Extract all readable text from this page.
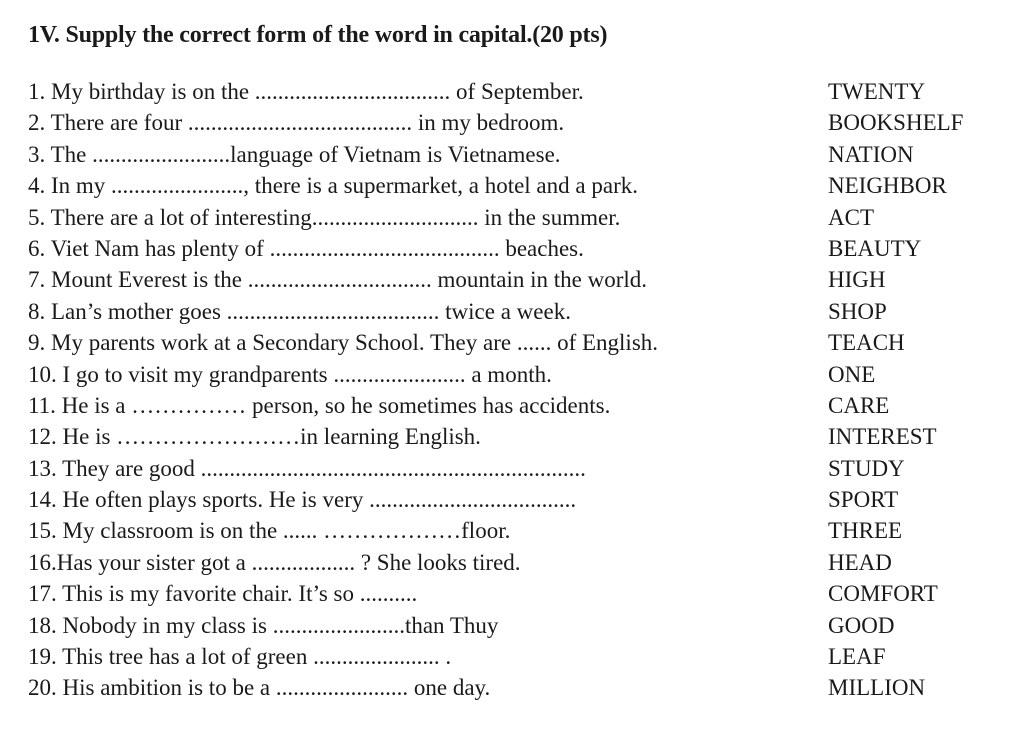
1V. Supply the correct form of the word in capital.(20 pts)
1. My birthday is on the .................................. of September.	TWENTY
2. There are four ....................................... in my bedroom.	BOOKSHELF
3. The ........................language of Vietnam is Vietnamese.	NATION
4. In my ......................., there is a supermarket, a hotel and a park.	NEIGHBOR
5. There are a lot of interesting............................. in the summer.	ACT
6. Viet Nam has plenty of ........................................ beaches.	BEAUTY
7. Mount Everest is the ................................ mountain in the world.	HIGH
8. Lan’s mother goes ..................................... twice a week.	SHOP
9. My parents work at a Secondary School. They are ...... of English.	TEACH
10. I go to visit my grandparents ....................... a month.	ONE
11. He is a …………… person, so he sometimes has accidents.	CARE
12. He is ……………………in learning English.	INTEREST
13. They are good ...................................................................	STUDY
14. He often plays sports. He is very ....................................	SPORT
15. My classroom is on the ...... ………………floor.	THREE
16.Has your sister got a .................. ? She looks tired.	HEAD
17. This is my favorite chair. It’s so ..........	COMFORT
18. Nobody in my class is .......................than Thuy	GOOD
19. This tree has a lot of green ...................... .	LEAF
20. His ambition is to be a ....................... one day.	MILLION
